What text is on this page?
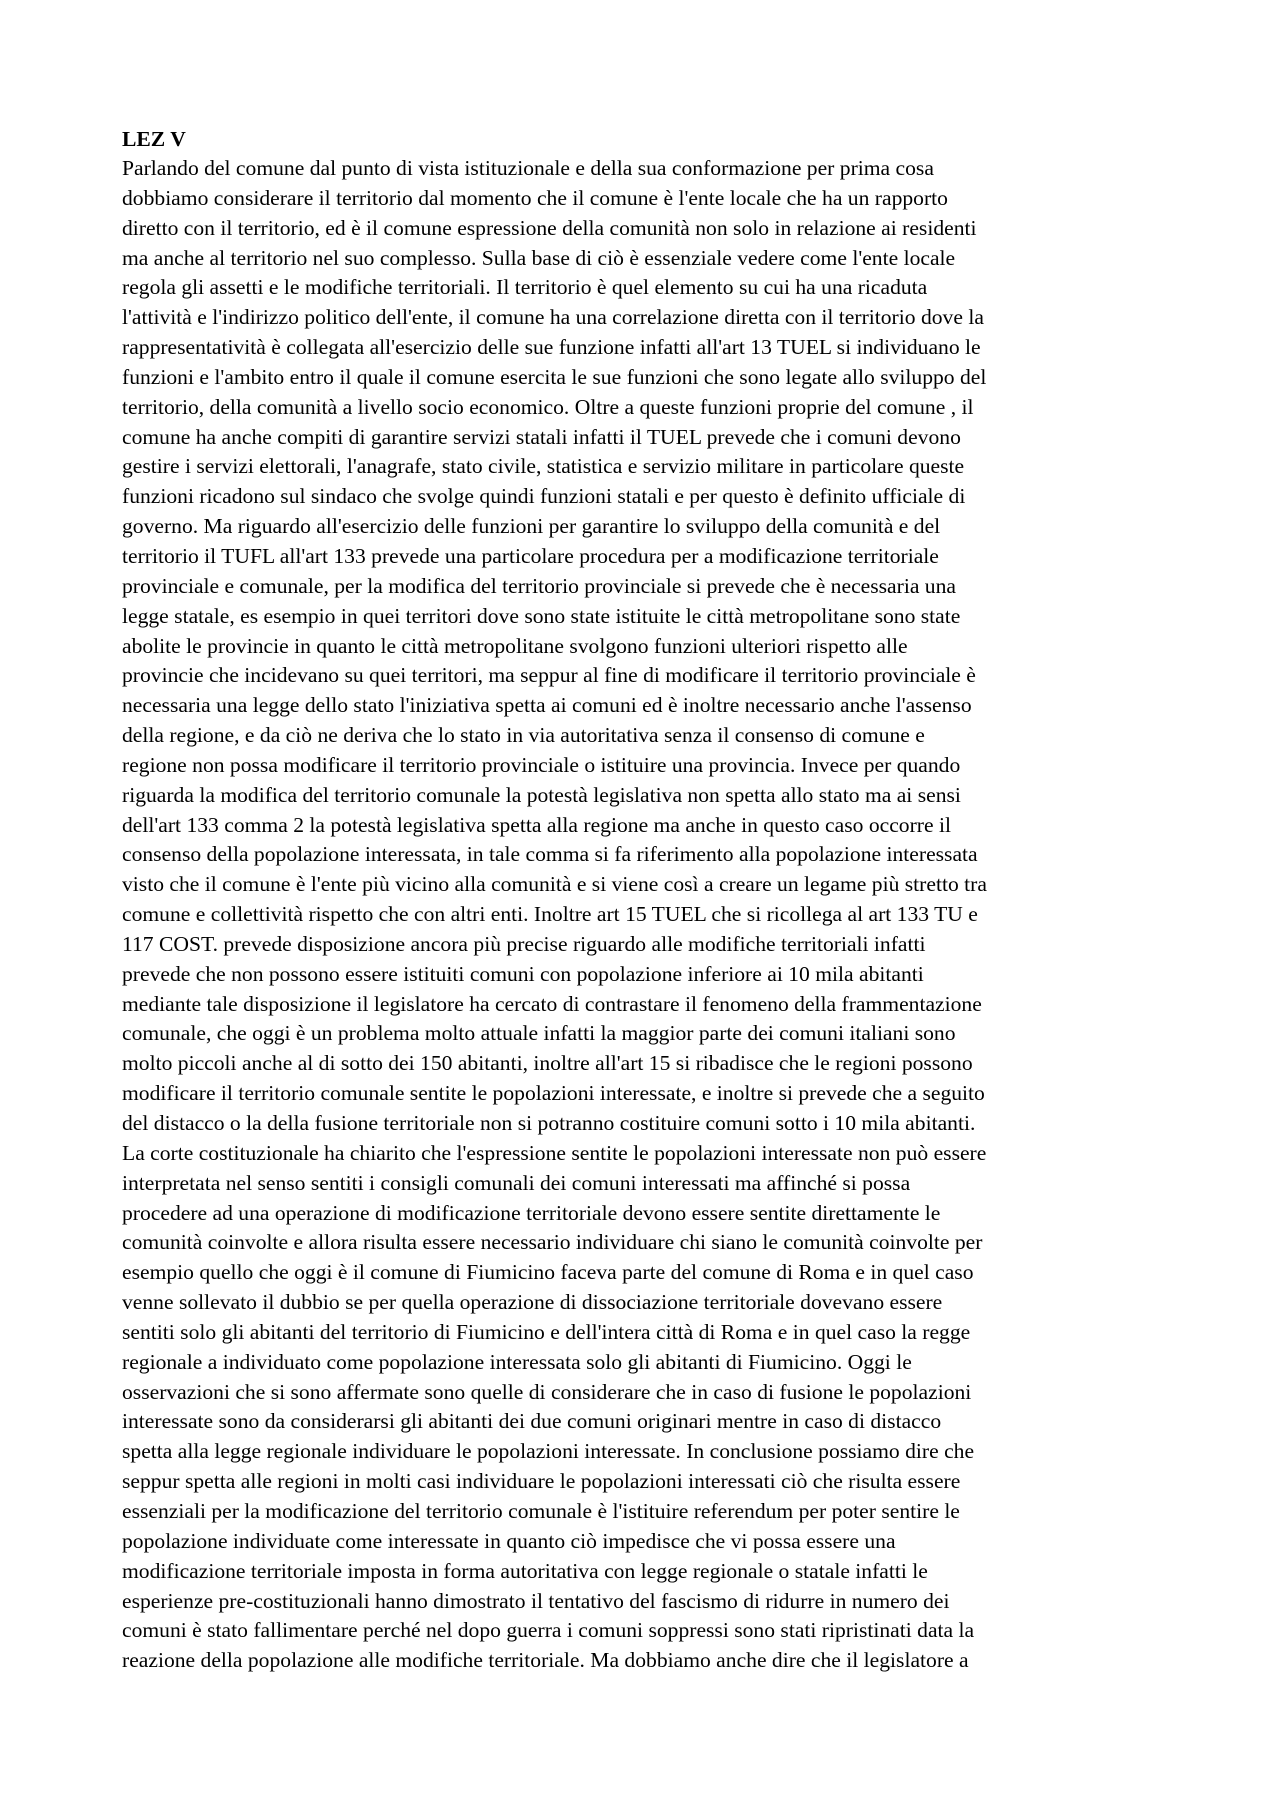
LEZ V
Parlando del comune dal punto di vista istituzionale e della sua conformazione per prima cosa
dobbiamo considerare il territorio dal momento che il comune è l'ente locale che ha un rapporto
diretto con il territorio, ed è il comune espressione della comunità non solo in relazione ai residenti
ma anche al territorio nel suo complesso. Sulla base di ciò è essenziale vedere come l'ente locale
regola gli assetti e le modifiche territoriali. Il territorio è quel elemento su cui ha una ricaduta
l'attività e l'indirizzo politico dell'ente, il comune ha una correlazione diretta con il territorio dove la
rappresentatività è collegata all'esercizio delle sue funzione infatti all'art 13 TUEL si individuano le
funzioni e l'ambito entro il quale il comune esercita le sue funzioni che sono legate allo sviluppo del
territorio, della comunità a livello socio economico. Oltre a queste funzioni proprie del comune , il
comune ha anche compiti di garantire servizi statali infatti il TUEL prevede che i comuni devono
gestire i servizi elettorali, l'anagrafe, stato civile, statistica e servizio militare in particolare queste
funzioni ricadono sul sindaco che svolge quindi funzioni statali e per questo è definito ufficiale di
governo. Ma riguardo all'esercizio delle funzioni per garantire lo sviluppo della comunità e del
territorio il TUFL all'art 133 prevede una particolare procedura per a modificazione territoriale
provinciale e comunale, per la modifica del territorio provinciale si prevede che è necessaria una
legge statale, es esempio in quei territori dove sono state istituite le città metropolitane sono state
abolite le provincie in quanto le città metropolitane svolgono funzioni ulteriori rispetto alle
provincie che incidevano su quei territori, ma seppur al fine di modificare il territorio provinciale è
necessaria una legge dello stato l'iniziativa spetta ai comuni ed è inoltre necessario anche l'assenso
della regione, e da ciò ne deriva che lo stato in via autoritativa senza il consenso di comune e
regione non possa modificare il territorio provinciale o istituire una provincia. Invece per quando
riguarda la modifica del territorio comunale la potestà legislativa non spetta allo stato ma ai sensi
dell'art 133 comma 2 la potestà legislativa spetta alla regione ma anche in questo caso occorre il
consenso della popolazione interessata, in tale comma si fa riferimento alla popolazione interessata
visto che il comune è l'ente più vicino alla comunità e si viene così a creare un legame più stretto tra
comune e collettività rispetto che con altri enti. Inoltre art 15 TUEL che si ricollega al art 133 TU e
117 COST. prevede disposizione ancora più precise riguardo alle modifiche territoriali infatti
prevede che non possono essere istituiti comuni con popolazione inferiore ai 10 mila abitanti
mediante tale disposizione il legislatore ha cercato di contrastare il fenomeno della frammentazione
comunale, che oggi è un problema molto attuale infatti la maggior parte dei comuni italiani sono
molto piccoli anche al di sotto dei 150 abitanti, inoltre all'art 15 si ribadisce che le regioni possono
modificare il territorio comunale sentite le popolazioni interessate, e inoltre si prevede che a seguito
del distacco o la della fusione territoriale non si potranno costituire comuni sotto i 10 mila abitanti.
La corte costituzionale ha chiarito che l'espressione sentite le popolazioni interessate non può essere
interpretata nel senso sentiti i consigli comunali dei comuni interessati ma affinché si possa
procedere ad una operazione di modificazione territoriale devono essere sentite direttamente le
comunità coinvolte e allora risulta essere necessario individuare chi siano le comunità coinvolte per
esempio quello che oggi è il comune di Fiumicino faceva parte del comune di Roma e in quel caso
venne sollevato il dubbio se per quella operazione di dissociazione territoriale dovevano essere
sentiti solo gli abitanti del territorio di Fiumicino e dell'intera città di Roma e in quel caso la regge
regionale a individuato come popolazione interessata solo gli abitanti di Fiumicino. Oggi le
osservazioni che si sono affermate sono quelle di considerare che in caso di fusione le popolazioni
interessate sono da considerarsi gli abitanti dei due comuni originari mentre in caso di distacco
spetta alla legge regionale individuare le popolazioni interessate. In conclusione possiamo dire che
seppur spetta alle regioni in molti casi individuare le popolazioni interessati ciò che risulta essere
essenziali per la modificazione del territorio comunale è l'istituire referendum per poter sentire le
popolazione individuate come interessate in quanto ciò impedisce che vi possa essere una
modificazione territoriale imposta in forma autoritativa con legge regionale o statale infatti le
esperienze pre-costituzionali hanno dimostrato il tentativo del fascismo di ridurre in numero dei
comuni è stato fallimentare perché nel dopo guerra i comuni soppressi sono stati ripristinati data la
reazione della popolazione alle modifiche territoriale. Ma dobbiamo anche dire che il legislatore a
